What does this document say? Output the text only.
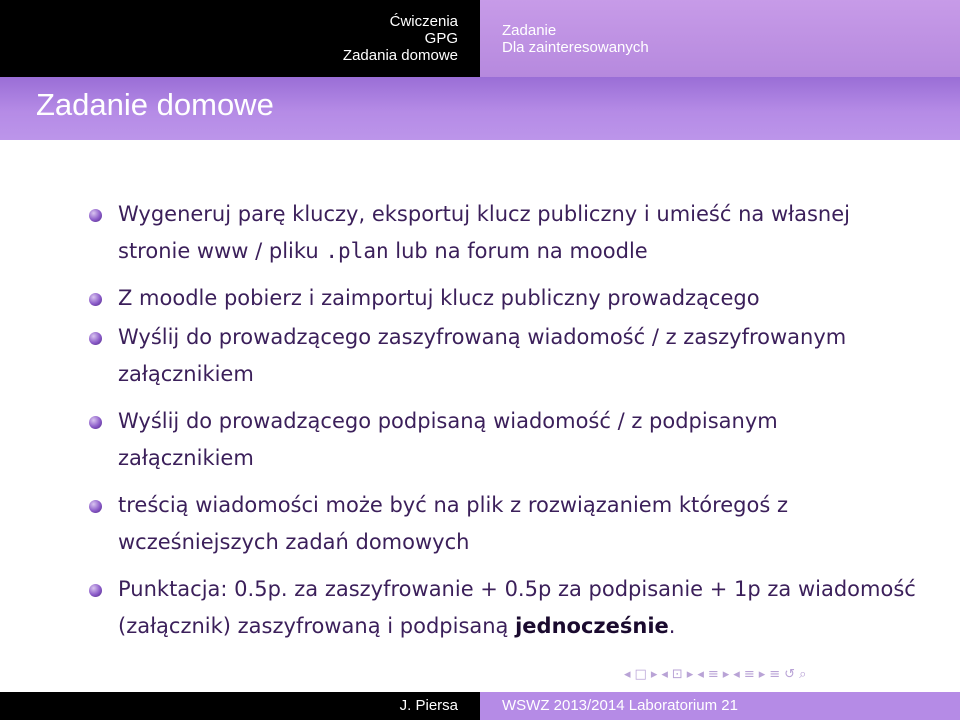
Ćwiczenia
GPG
Zadania domowe
Zadanie
Dla zainteresowanych
Zadanie domowe
Wygeneruj parę kluczy, eksportuj klucz publiczny i umieść na własnej stronie www / pliku .plan lub na forum na moodle
Z moodle pobierz i zaimportuj klucz publiczny prowadzącego
Wyślij do prowadzącego zaszyfrowaną wiadomość / z zaszyfrowanym załącznikiem
Wyślij do prowadzącego podpisaną wiadomość / z podpisanym załącznikiem
treścią wiadomości może być na plik z rozwiązaniem któregoś z wcześniejszych zadań domowych
Punktacja: 0.5p. za zaszyfrowanie + 0.5p za podpisanie + 1p za wiadomość (załącznik) zaszyfrowaną i podpisaną jednocześnie.
◂ □ ▸ ◂ ⊡ ▸ ◂ ≡ ▸ ◂ ≡ ▸ ≡ ↺ ⌕
J. Piersa	WSWZ 2013/2014 Laboratorium 21
